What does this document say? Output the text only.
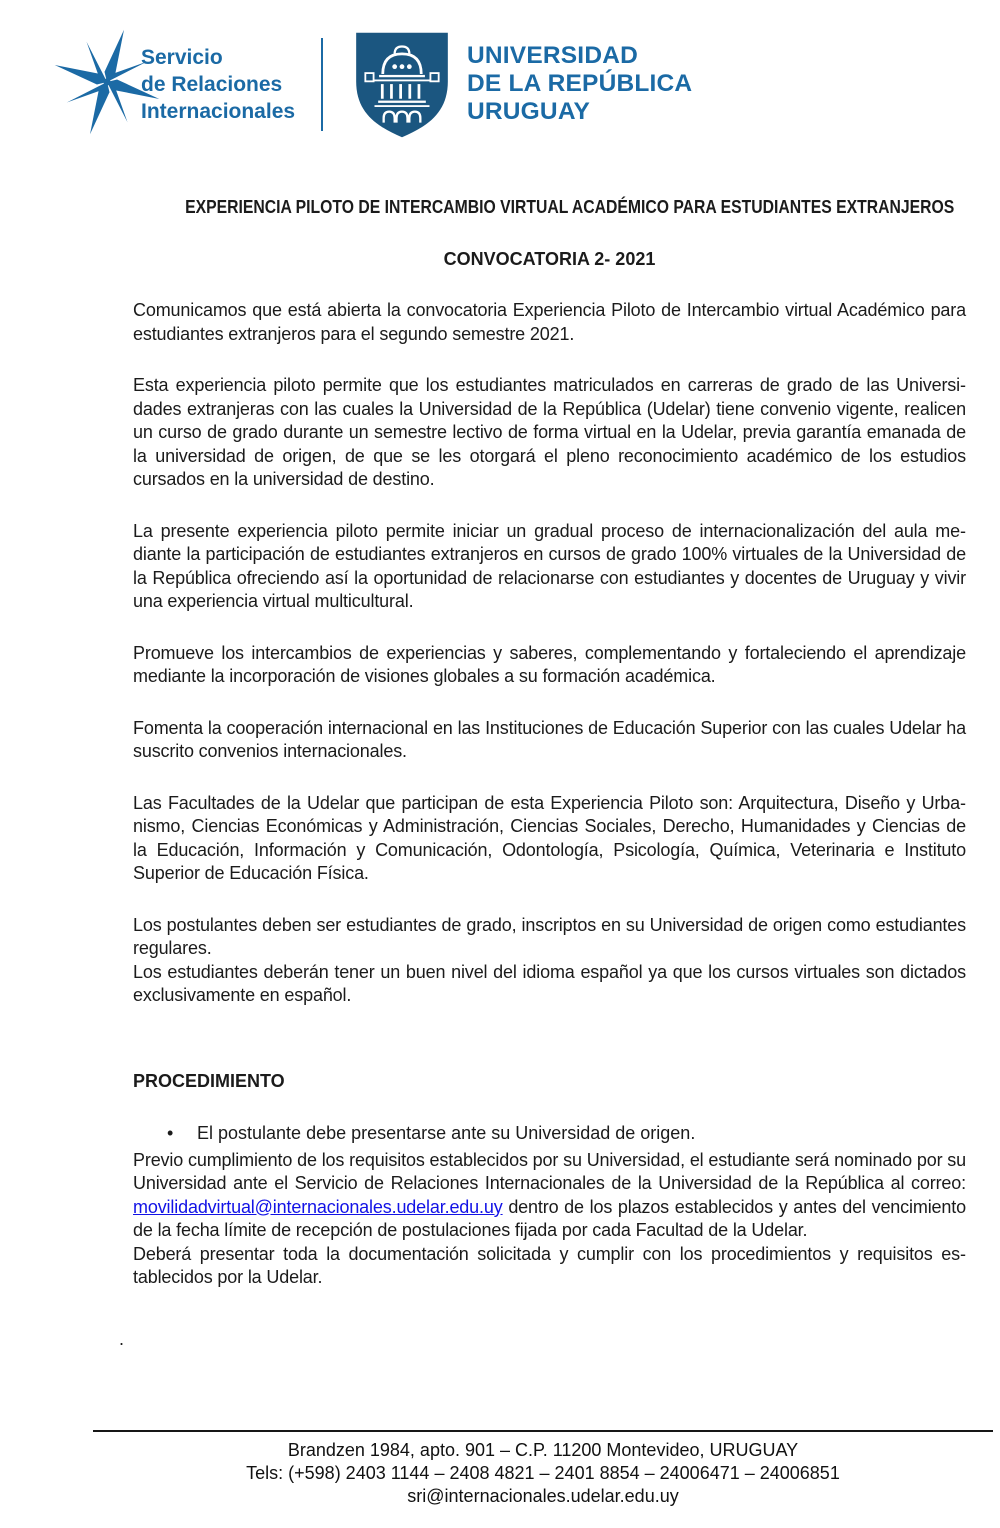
Servicio
de Relaciones
Internacionales
UNIVERSIDAD
DE LA REPÚBLICA
URUGUAY
EXPERIENCIA PILOTO DE INTERCAMBIO VIRTUAL ACADÉMICO PARA ESTUDIANTES EXTRANJEROS
CONVOCATORIA 2- 2021

Comunicamos que está abierta la convocatoria Experiencia Piloto de Intercambio virtual Académico para estudiantes extranjeros para el segundo semestre 2021.

Esta experiencia piloto permite que los estudiantes matriculados en carreras de grado de las Universidades extranjeras con las cuales la Universidad de la República (Udelar) tiene convenio vigente, realicen un curso de grado durante un semestre lectivo de forma virtual en la Udelar, previa garantía emanada de la universidad de origen, de que se les otorgará el pleno reconocimiento académico de los estudios cursados en la universidad de destino.

La presente experiencia piloto permite iniciar un gradual proceso de internacionalización del aula mediante la participación de estudiantes extranjeros en cursos de grado 100% virtuales de la Universidad de la República ofreciendo así la oportunidad de relacionarse con estudiantes y docentes de Uruguay y vivir una experiencia virtual multicultural.

Promueve los intercambios de experiencias y saberes, complementando y fortaleciendo el aprendizaje mediante la incorporación de visiones globales a su formación académica.

Fomenta la cooperación internacional en las Instituciones de Educación Superior con las cuales Udelar ha suscrito convenios internacionales.

Las Facultades de la Udelar que participan de esta Experiencia Piloto son: Arquitectura, Diseño y Urbanismo, Ciencias Económicas y Administración, Ciencias Sociales, Derecho, Humanidades y Ciencias de la Educación, Información y Comunicación, Odontología, Psicología, Química, Veterinaria e Instituto Superior de Educación Física.

Los postulantes deben ser estudiantes de grado, inscriptos en su Universidad de origen como estudiantes regulares.

Los estudiantes deberán tener un buen nivel del idioma español ya que los cursos virtuales son dictados exclusivamente en español.

PROCEDIMIENTO
•	El postulante debe presentarse ante su Universidad de origen.

Previo cumplimiento de los requisitos establecidos por su Universidad, el estudiante será nominado por su Universidad ante el Servicio de Relaciones Internacionales de la Universidad de la República al correo: movilidadvirtual@internacionales.udelar.edu.uy dentro de los plazos establecidos y antes del vencimiento de la fecha límite de recepción de postulaciones fijada por cada Facultad de la Udelar.

Deberá presentar toda la documentación solicitada y cumplir con los procedimientos y requisitos establecidos por la Udelar.

.

Brandzen 1984, apto. 901 – C.P. 11200 Montevideo, URUGUAY
Tels: (+598) 2403 1144 – 2408 4821 – 2401 8854 – 24006471 – 24006851
sri@internacionales.udelar.edu.uy
